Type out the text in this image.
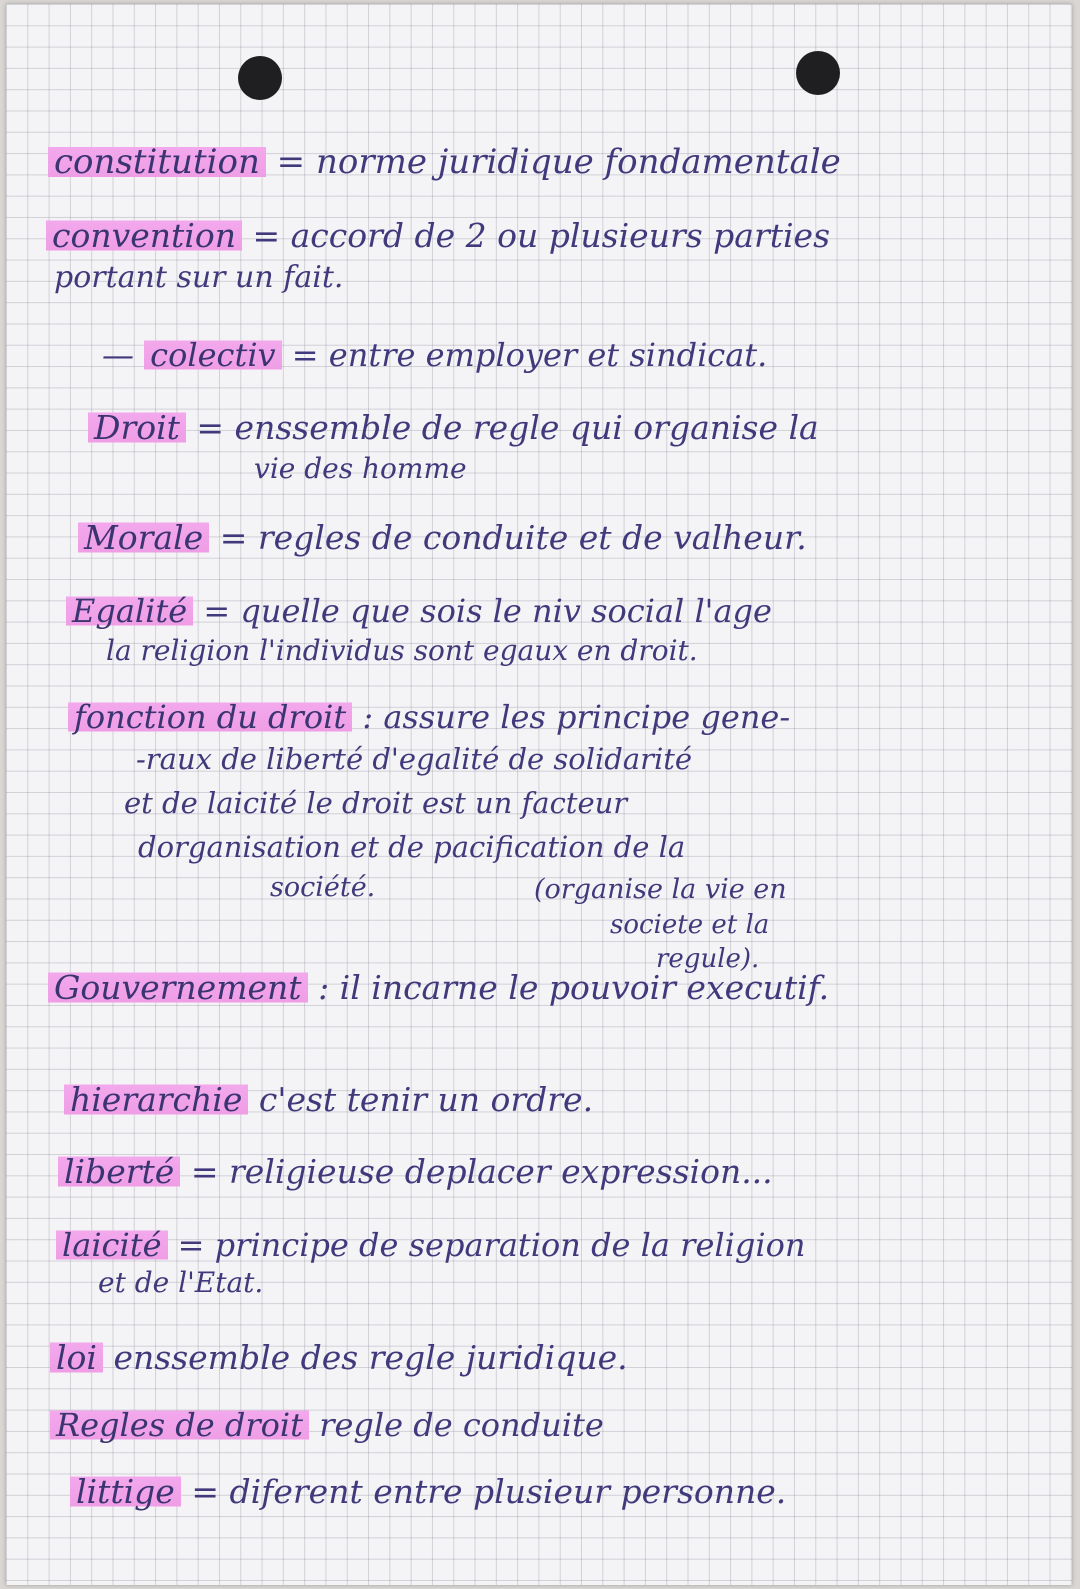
constitution = norme juridique fondamentale
convention = accord de 2 ou plusieurs parties
portant sur un fait.
— colectiv = entre employer et sindicat.
Droit = enssemble de regle qui organise la
vie des homme
Morale = regles de conduite et de valheur.
Egalité = quelle que sois le niv social l'age
la religion l'individus sont egaux en droit.
fonction du droit : assure les principe gene-
-raux de liberté d'egalité de solidarité
et de laicité le droit est un facteur
dorganisation et de pacification de la
société.	(organise la vie en
societe et la
regule).
Gouvernement : il incarne le pouvoir executif.
hierarchie c'est tenir un ordre.
liberté = religieuse deplacer expression...
laicité = principe de separation de la religion
et de l'Etat.
loi enssemble des regle juridique.
Regles de droit regle de conduite
littige = diferent entre plusieur personne.
